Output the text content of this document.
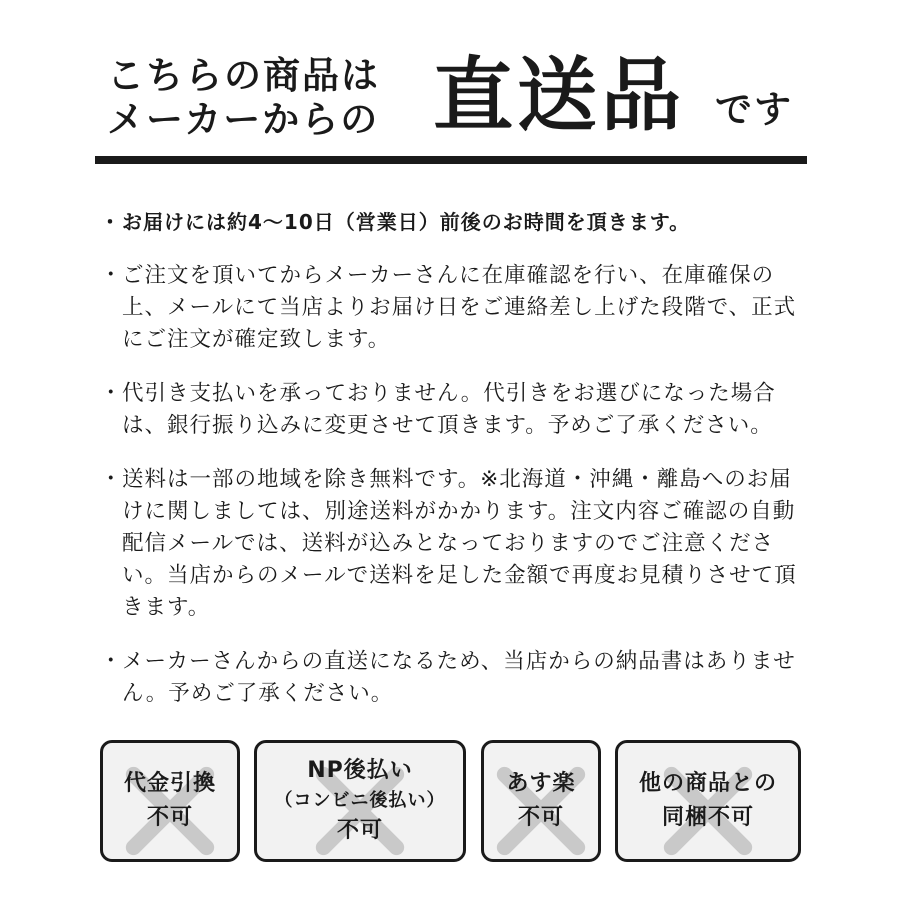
こちらの商品は
メーカーからの 直送品 です
・ お届けには約4〜10日（営業日）前後のお時間を頂きます。
・ ご注文を頂いてからメーカーさんに在庫確認を行い、在庫確保の上、メールにて当店よりお届け日をご連絡差し上げた段階で、正式にご注文が確定致します。
・ 代引き支払いを承っておりません。代引きをお選びになった場合は、銀行振り込みに変更させて頂きます。予めご了承ください。
・ 送料は一部の地域を除き無料です。※北海道・沖縄・離島へのお届けに関しましては、別途送料がかかります。注文内容ご確認の自動配信メールでは、送料が込みとなっておりますのでご注意ください。当店からのメールで送料を足した金額で再度お見積りさせて頂きます。
・ メーカーさんからの直送になるため、当店からの納品書はありません。予めご了承ください。
代金引換
不可
NP後払い
（コンビニ後払い）
不可
あす楽
不可
他の商品との
同梱不可
